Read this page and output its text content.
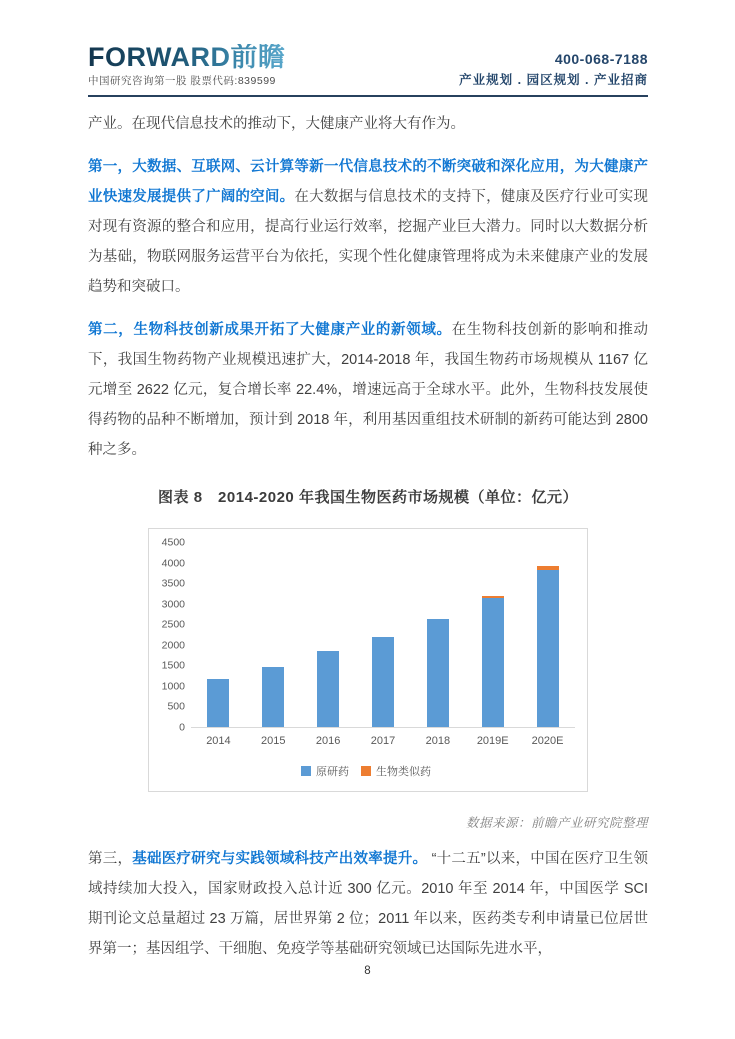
FORWARD前瞻
中国研究咨询第一股 股票代码:839599
400-068-7188
产业规划 . 园区规划 . 产业招商

产业。在现代信息技术的推动下，大健康产业将大有作为。

第一，大数据、互联网、云计算等新一代信息技术的不断突破和深化应用，为大健康产业快速发展提供了广阔的空间。在大数据与信息技术的支持下，健康及医疗行业可实现对现有资源的整合和应用，提高行业运行效率，挖掘产业巨大潜力。同时以大数据分析为基础，物联网服务运营平台为依托，实现个性化健康管理将成为未来健康产业的发展趋势和突破口。

第二，生物科技创新成果开拓了大健康产业的新领域。在生物科技创新的影响和推动下，我国生物药物产业规模迅速扩大，2014-2018 年，我国生物药市场规模从 1167 亿元增至 2622 亿元，复合增长率 22.4%，增速远高于全球水平。此外，生物科技发展使得药物的品种不断增加，预计到 2018 年，利用基因重组技术研制的新药可能达到 2800 种之多。

图表 8　2014-2020 年我国生物医药市场规模（单位：亿元）
4500
4000
3500
3000
2500
2000
1500
1000
500
0
2014	2015	2016	2017	2018	2019E	2020E
原研药 生物类似药
数据来源：前瞻产业研究院整理

第三，基础医疗研究与实践领域科技产出效率提升。 “十二五”以来，中国在医疗卫生领域持续加大投入，国家财政投入总计近 300 亿元。2010 年至 2014 年，中国医学 SCI 期刊论文总量超过 23 万篇，居世界第 2 位；2011 年以来，医药类专利申请量已位居世界第一；基因组学、干细胞、免疫学等基础研究领域已达国际先进水平，

8
